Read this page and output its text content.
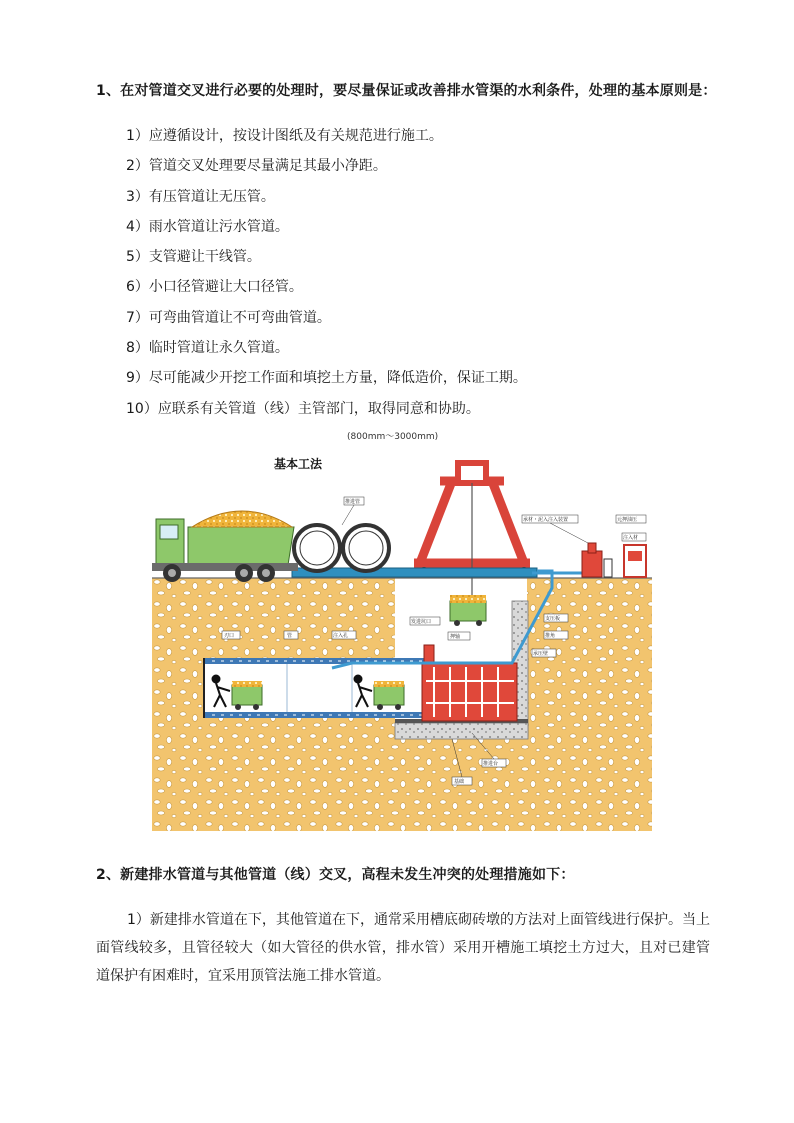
1、在对管道交叉进行必要的处理时，要尽量保证或改善排水管渠的水利条件，处理的基本原则是：
1）应遵循设计，按设计图纸及有关规范进行施工。
2）管道交叉处理要尽量满足其最小净距。
3）有压管道让无压管。
4）雨水管道让污水管道。
5）支管避让干线管。
6）小口径管避让大口径管。
7）可弯曲管道让不可弯曲管道。
8）临时管道让永久管道。
9）尽可能减少开挖工作面和填挖土方量，降低造价，保证工期。
10）应联系有关管道（线）主管部门，取得同意和协助。
(800mm～3000mm)
基本工法
推进管
承材・泥入注入装置	元押油压
注入材
刃口	管	注入孔
发进坑口
押轴
支压板
推角
承压壁
推进台
基础
2、新建排水管道与其他管道（线）交叉，高程未发生冲突的处理措施如下：

1）新建排水管道在下，其他管道在下，通常采用槽底砌砖墩的方法对上面管线进行保护。当上面管线较多，且管径较大（如大管径的供水管，排水管）采用开槽施工填挖土方过大，且对已建管道保护有困难时，宜采用顶管法施工排水管道。
